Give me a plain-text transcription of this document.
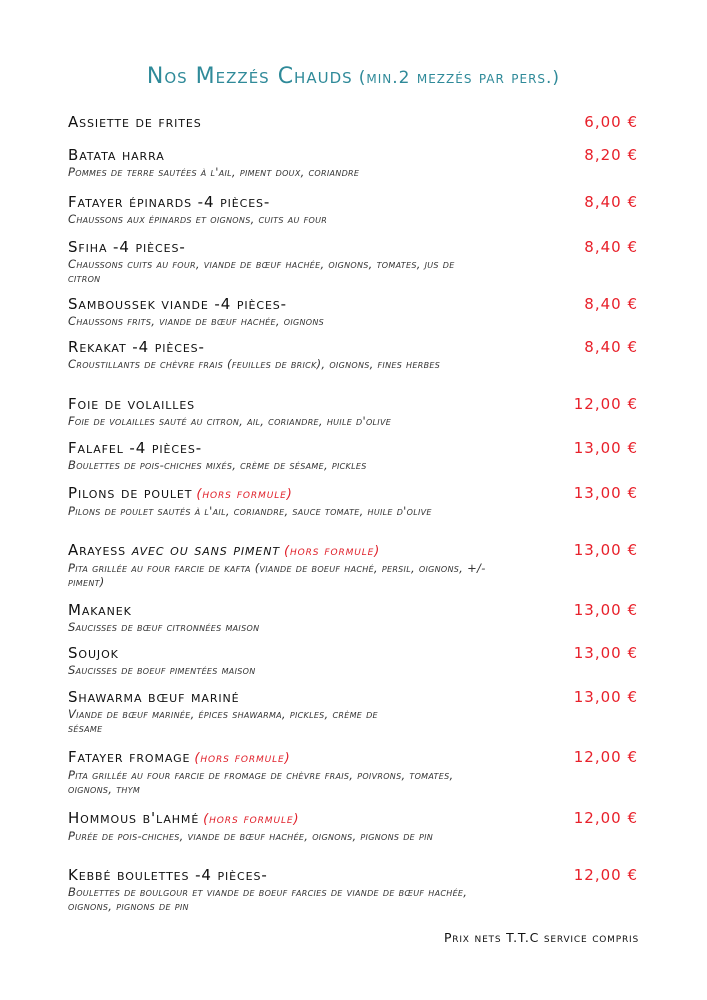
Nos Mezzés Chauds (min.2 mezzés par pers.)
Assiette de frites	6,00 €
Batata harra
Pommes de terre sautées à l'ail, piment doux, coriandre
8,20 €
Fatayer épinards -4 pièces-
Chaussons aux épinards et oignons, cuits au four
8,40 €
Sfiha -4 pièces-
Chaussons cuits au four, viande de bœuf hachée, oignons, tomates, jus de citron
8,40 €
Samboussek viande -4 pièces-
Chaussons frits, viande de bœuf hachée, oignons
8,40 €
Rekakat -4 pièces-
Croustillants de chèvre frais (feuilles de brick), oignons, fines herbes
8,40 €
Foie de volailles
Foie de volailles sauté au citron, ail, coriandre, huile d'olive
12,00 €
Falafel -4 pièces-
Boulettes de pois-chiches mixés, crème de sésame, pickles
13,00 €
Pilons de poulet (hors formule)
Pilons de poulet sautés à l'ail, coriandre, sauce tomate, huile d'olive
13,00 €
Arayess avec ou sans piment (hors formule)
Pita grillée au four farcie de kafta (viande de boeuf haché, persil, oignons, +/- piment)
13,00 €
Makanek
Saucisses de bœuf citronnées maison
13,00 €
Soujok
Saucisses de boeuf pimentées maison
13,00 €
Shawarma bœuf mariné
Viande de bœuf marinée, épices shawarma, pickles, crème de sésame
13,00 €
Fatayer fromage (hors formule)
Pita grillée au four farcie de fromage de chèvre frais, poivrons, tomates, oignons, thym
12,00 €
Hommous b'lahmé (hors formule)
Purée de pois-chiches, viande de bœuf hachée, oignons, pignons de pin
12,00 €
Kebbé boulettes -4 pièces-
Boulettes de boulgour et viande de boeuf farcies de viande de bœuf hachée, oignons, pignons de pin
12,00 €
Prix nets T.T.C service compris
